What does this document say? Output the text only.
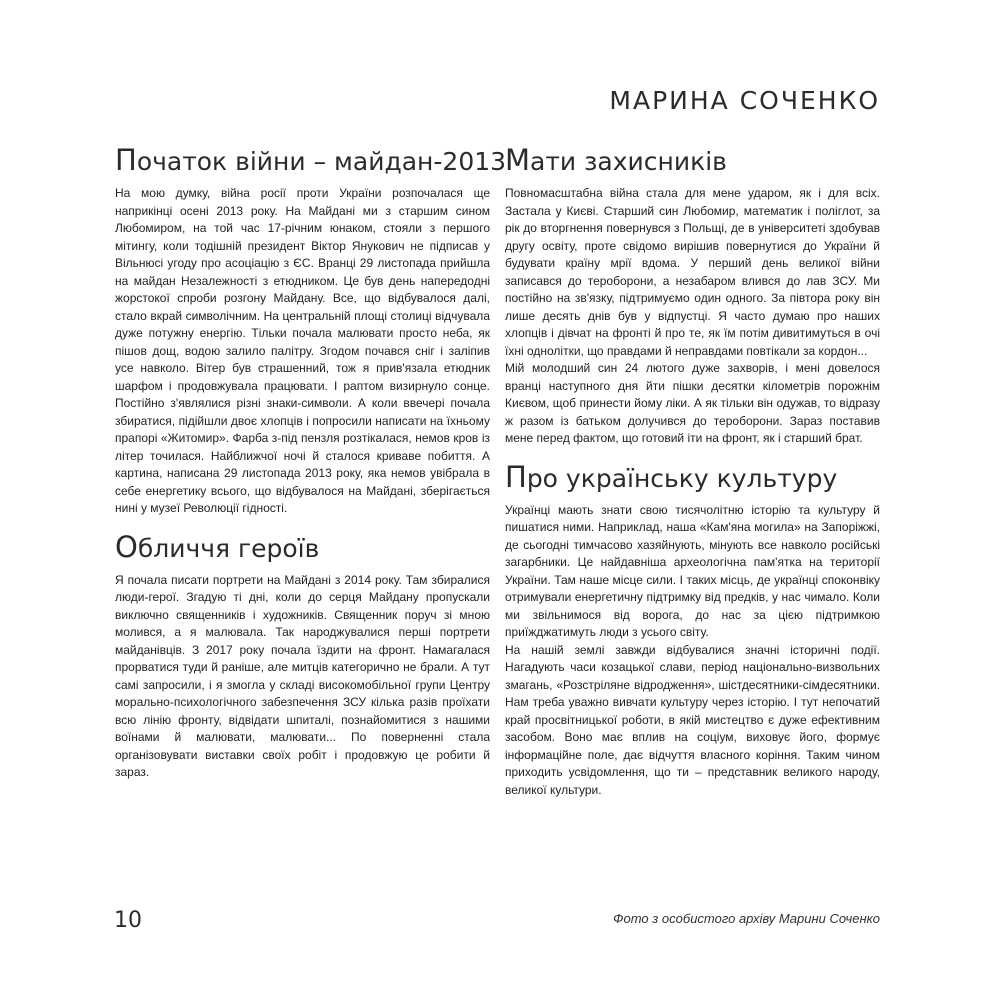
МАРИНА СОЧЕНКО
Початок війни – майдан-2013

На мою думку, війна росії проти України розпочалася ще наприкінці осені 2013 року. На Майдані ми з старшим сином Любомиром, на той час 17-річним юнаком, стояли з першого мітингу, коли тодішній президент Віктор Янукович не підписав у Вільнюсі угоду про асоціацію з ЄС. Вранці 29 листопада прийшла на майдан Незалежності з етюдником. Це був день напередодні жорстокої спроби розгону Майдану. Все, що відбувалося далі, стало вкрай символічним. На центральній площі столиці відчувала дуже потужну енергію. Тільки почала малювати просто неба, як пішов дощ, водою залило палітру. Згодом почався сніг і заліпив усе навколо. Вітер був страшенний, тож я прив'язала етюдник шарфом і продовжувала працювати. І раптом визирнуло сонце. Постійно з'являлися різні знаки-символи. А коли ввечері почала збиратися, підійшли двоє хлопців і попросили написати на їхньому прапорі «Житомир». Фарба з-під пензля розтікалася, немов кров із літер точилася. Найближчої ночі й сталося криваве побиття. А картина, написана 29 листопада 2013 року, яка немов увібрала в себе енергетику всього, що відбувалося на Майдані, зберігається нині у музеї Революції гідності.

Обличчя героїв

Я почала писати портрети на Майдані з 2014 року. Там збиралися люди-герої. Згадую ті дні, коли до серця Майдану пропускали виключно священників і художників. Священник поруч зі мною молився, а я малювала. Так народжувалися перші портрети майданівців. З 2017 року почала їздити на фронт. Намагалася прорватися туди й раніше, але митців категорично не брали. А тут самі запросили, і я змогла у складі високомобільної групи Центру морально-психологічного забезпечення ЗСУ кілька разів проїхати всю лінію фронту, відвідати шпиталі, познайомитися з нашими воїнами й малювати, малювати... По поверненні стала організовувати виставки своїх робіт і продовжую це робити й зараз.

Мати захисників

Повномасштабна війна стала для мене ударом, як і для всіх. Застала у Києві. Старший син Любомир, математик і поліглот, за рік до вторгнення повернувся з Польщі, де в університеті здобував другу освіту, проте свідомо вирішив повернутися до України й будувати країну мрії вдома. У перший день великої війни записався до тероборони, а незабаром влився до лав ЗСУ. Ми постійно на зв'язку, підтримуємо один одного. За півтора року він лише десять днів був у відпустці. Я часто думаю про наших хлопців і дівчат на фронті й про те, як їм потім дивитимуться в очі їхні однолітки, що правдами й неправдами повтікали за кордон...

Мій молодший син 24 лютого дуже захворів, і мені довелося вранці наступного дня йти пішки десятки кілометрів порожнім Києвом, щоб принести йому ліки. А як тільки він одужав, то відразу ж разом із батьком долучився до тероборони. Зараз поставив мене перед фактом, що готовий іти на фронт, як і старший брат.

Про українську культуру

Українці мають знати свою тисячолітню історію та культуру й пишатися ними. Наприклад, наша «Кам'яна могила» на Запоріжжі, де сьогодні тимчасово хазяйнують, мінують все навколо російські загарбники. Це найдавніша археологічна пам'ятка на території України. Там наше місце сили. І таких місць, де українці споконвіку отримували енергетичну підтримку від предків, у нас чимало. Коли ми звільнимося від ворога, до нас за цією підтримкою приїжджатимуть люди з усього світу.

На нашій землі завжди відбувалися значні історичні події. Нагадують часи козацької слави, період національно-визвольних змагань, «Розстріляне відродження», шістдесятники-сімдесятники. Нам треба уважно вивчати культуру через історію. І тут непочатий край просвітницької роботи, в якій мистецтво є дуже ефективним засобом. Воно має вплив на соціум, виховує його, формує інформаційне поле, дає відчуття власного коріння. Таким чином приходить усвідомлення, що ти – представник великого народу, великої культури.

10	Фото з особистого архіву Марини Соченко
